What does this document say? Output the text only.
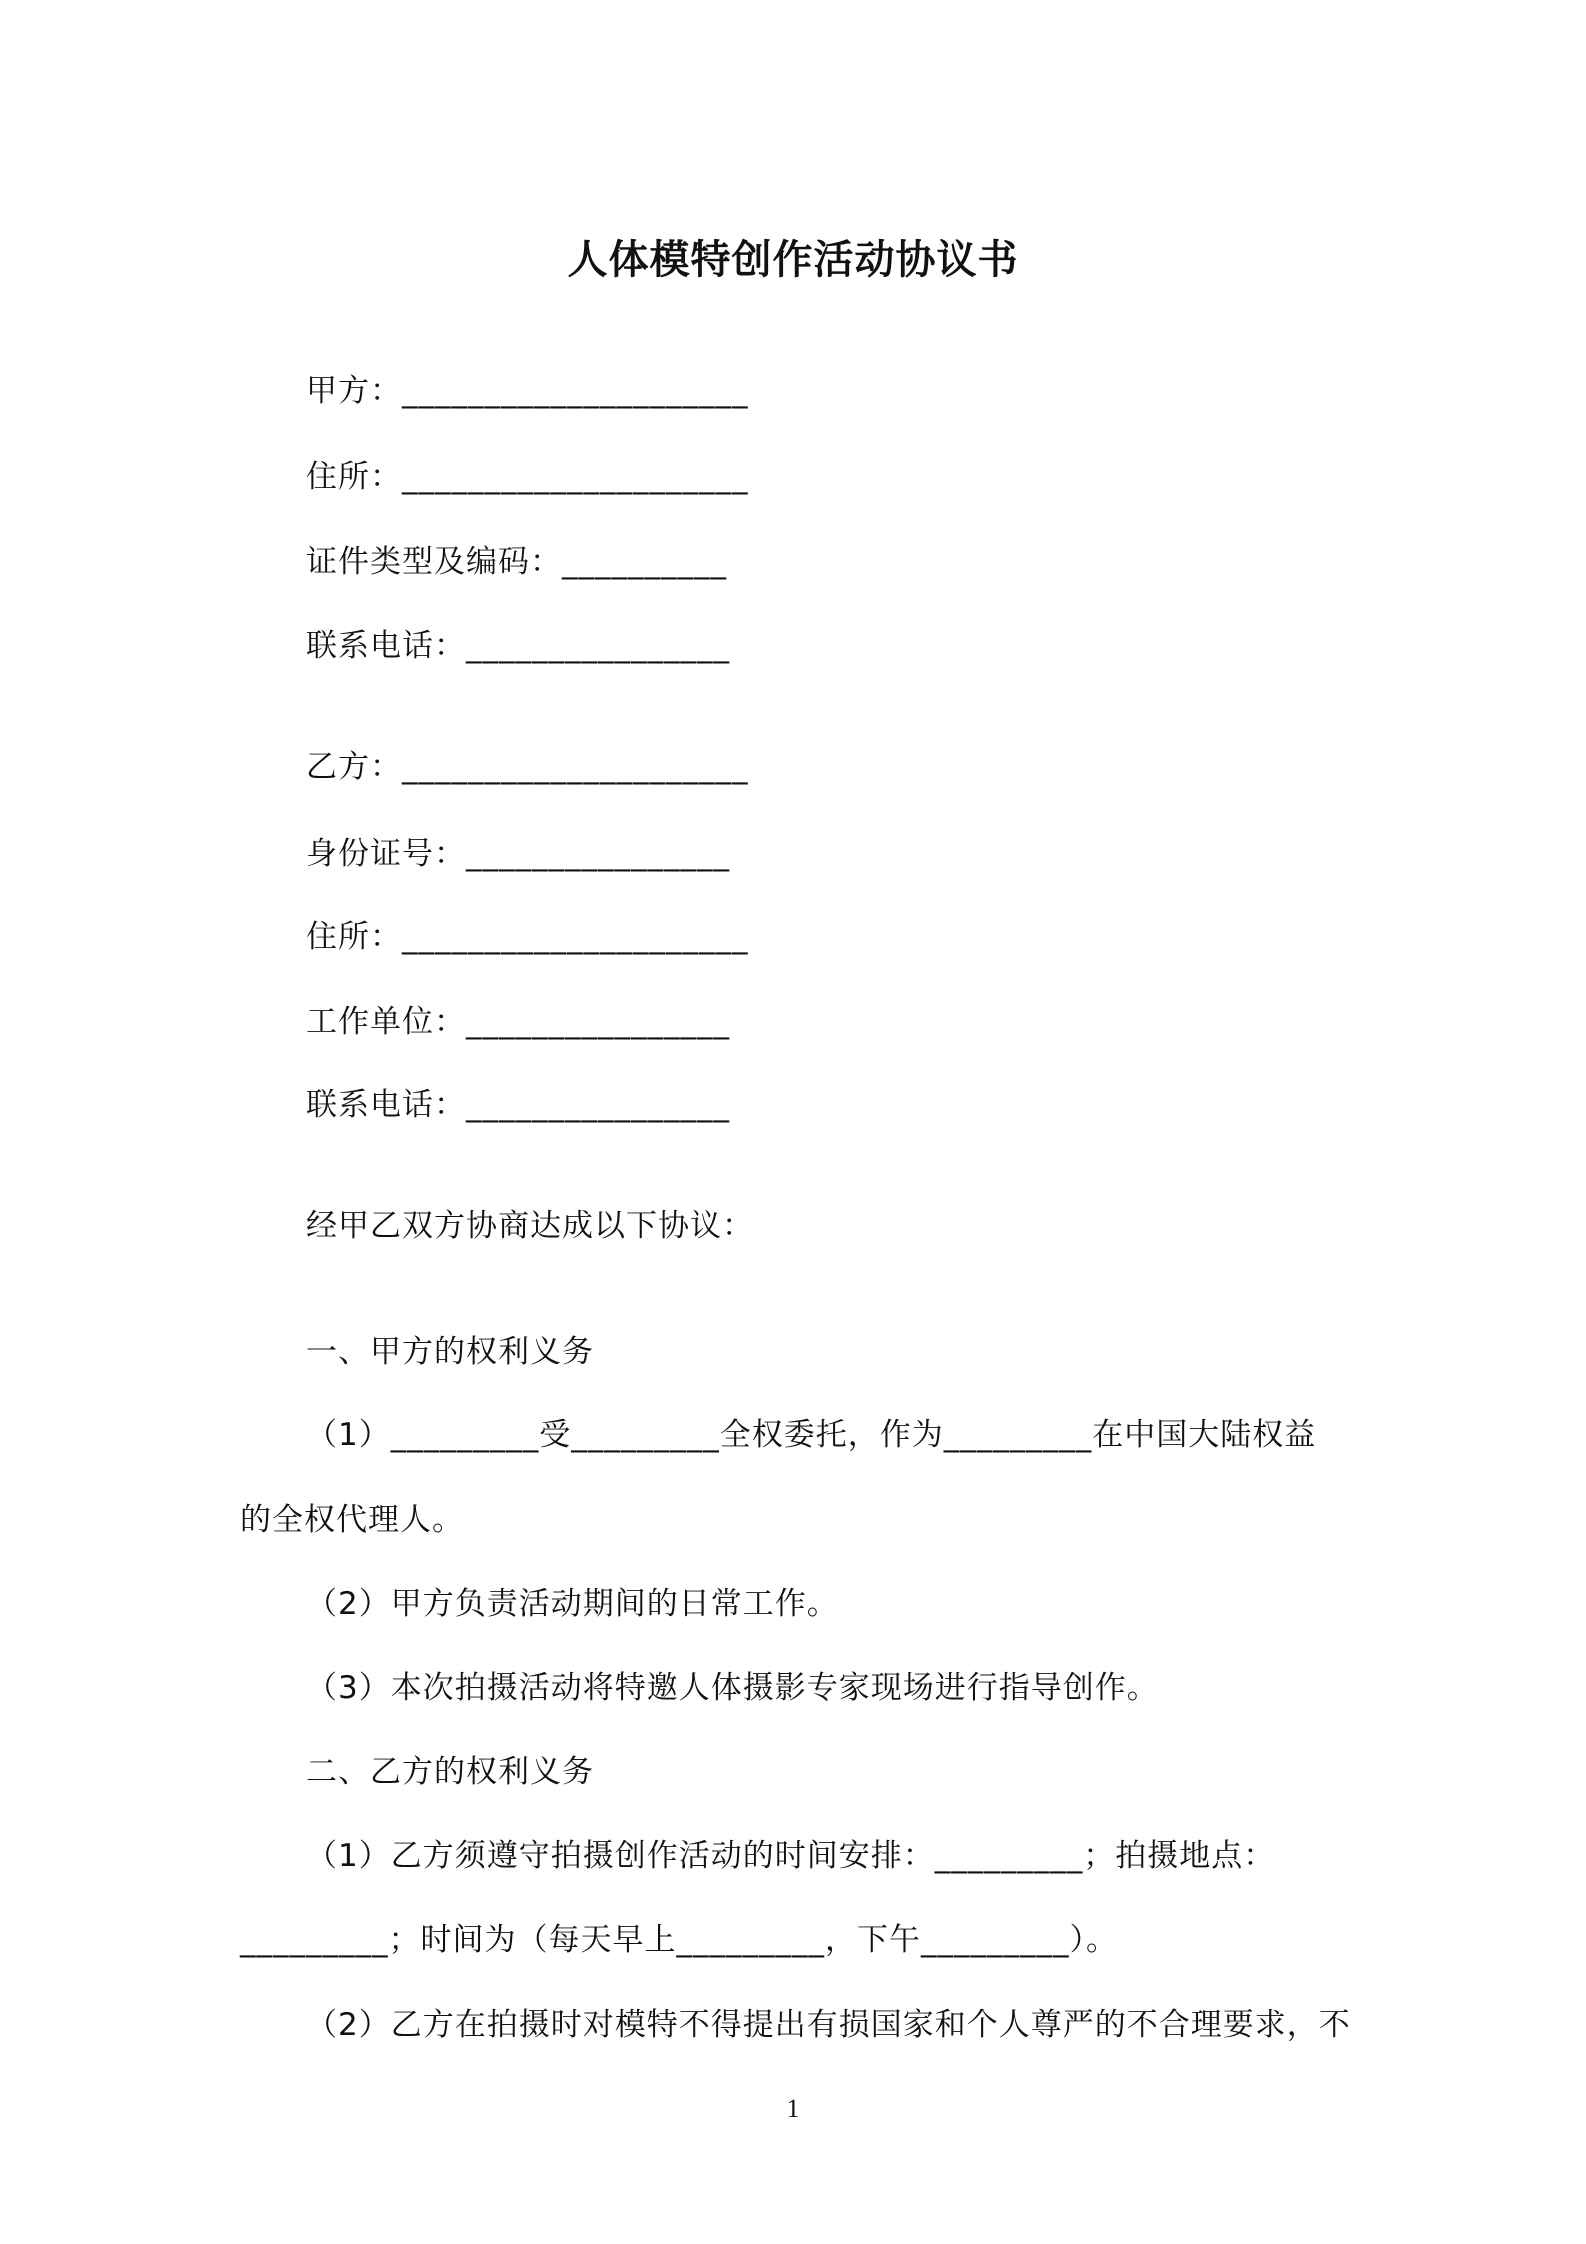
人体模特创作活动协议书
甲方：_____________________
住所：_____________________
证件类型及编码：__________
联系电话：________________
乙方：_____________________
身份证号：________________
住所：_____________________
工作单位：________________
联系电话：________________
经甲乙双方协商达成以下协议：
一、甲方的权利义务
（1）_________受_________全权委托，作为_________在中国大陆权益
的全权代理人。
（2）甲方负责活动期间的日常工作。
（3）本次拍摄活动将特邀人体摄影专家现场进行指导创作。
二、乙方的权利义务
（1）乙方须遵守拍摄创作活动的时间安排：_________；拍摄地点：
_________；时间为（每天早上_________，下午_________）。
（2）乙方在拍摄时对模特不得提出有损国家和个人尊严的不合理要求，不
1
